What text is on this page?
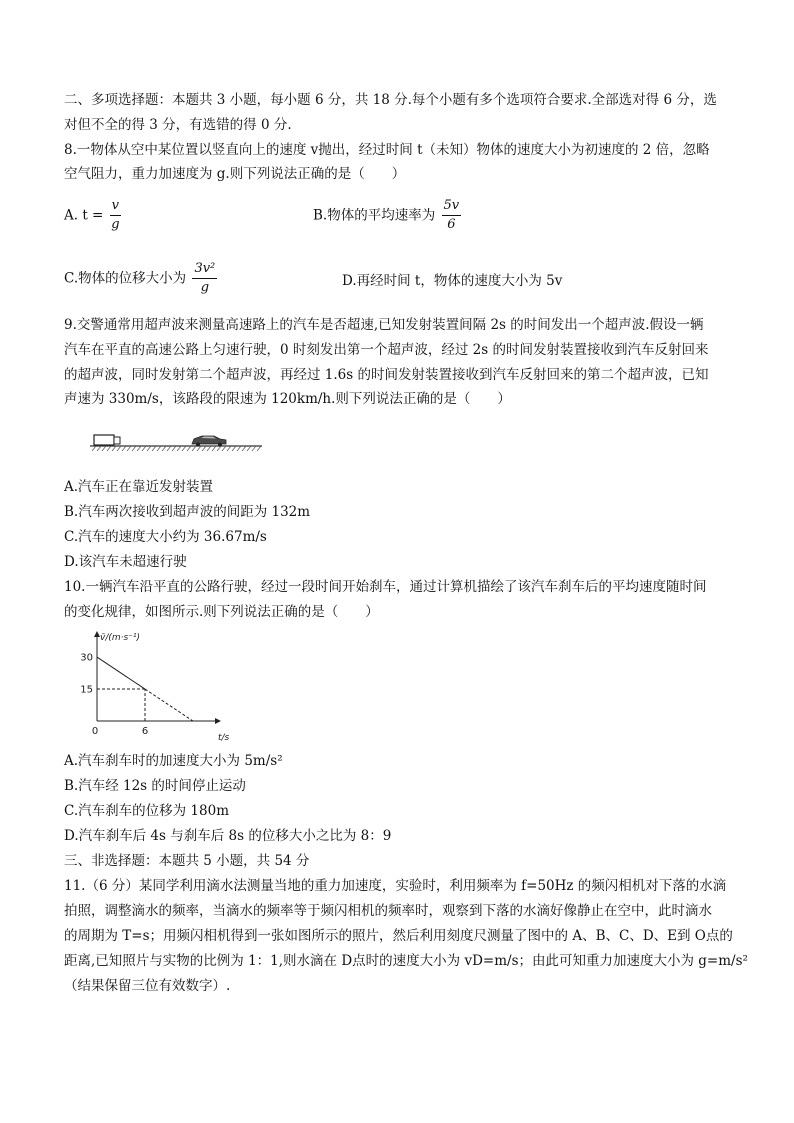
二、多项选择题：本题共 3 小题，每小题 6 分，共 18 分.每个小题有多个选项符合要求.全部选对得 6 分，选
对但不全的得 3 分，有选错的得 0 分.
8.一物体从空中某位置以竖直向上的速度 v抛出，经过时间 t（未知）物体的速度大小为初速度的 2 倍，忽略
空气阻力，重力加速度为 g.则下列说法正确的是（　　）
A. $t = \frac{v}{g}$	B.物体的平均速率为 $\frac{5v}{6}$
C.物体的位移大小为 $\frac{\text{3v²}}{g}$	D.再经时间 t，物体的速度大小为 5v
9.交警通常用超声波来测量高速路上的汽车是否超速,已知发射装置间隔 2s 的时间发出一个超声波.假设一辆
汽车在平直的高速公路上匀速行驶，0 时刻发出第一个超声波，经过 2s 的时间发射装置接收到汽车反射回来
的超声波，同时发射第二个超声波，再经过 1.6s 的时间发射装置接收到汽车反射回来的第二个超声波，已知
声速为 330m/s，该路段的限速为 120km/h.则下列说法正确的是（　　）
A.汽车正在靠近发射装置
B.汽车两次接收到超声波的间距为 132m
C.汽车的速度大小约为 36.67m/s
D.该汽车未超速行驶
10.一辆汽车沿平直的公路行驶，经过一段时间开始刹车，通过计算机描绘了该汽车刹车后的平均速度随时间
的变化规律，如图所示.则下列说法正确的是（　　）
v̄/(m·s⁻¹)
t/s
30
15
0	6
A.汽车刹车时的加速度大小为 5m/s²
B.汽车经 12s 的时间停止运动
C.汽车刹车的位移为 180m
D.汽车刹车后 4s 与刹车后 8s 的位移大小之比为 8：9
三、非选择题：本题共 5 小题，共 54 分
11.（6 分）某同学利用滴水法测量当地的重力加速度，实验时，利用频率为 f=50Hz 的频闪相机对下落的水滴
拍照，调整滴水的频率，当滴水的频率等于频闪相机的频率时，观察到下落的水滴好像静止在空中，此时滴水
的周期为 T=s；用频闪相机得到一张如图所示的照片，然后利用刻度尺测量了图中的 A、B、C、D、E到 O点的
距离,已知照片与实物的比例为 1：1,则水滴在 D点时的速度大小为 vD=m/s；由此可知重力加速度大小为 g=m/s²
（结果保留三位有效数字）.
